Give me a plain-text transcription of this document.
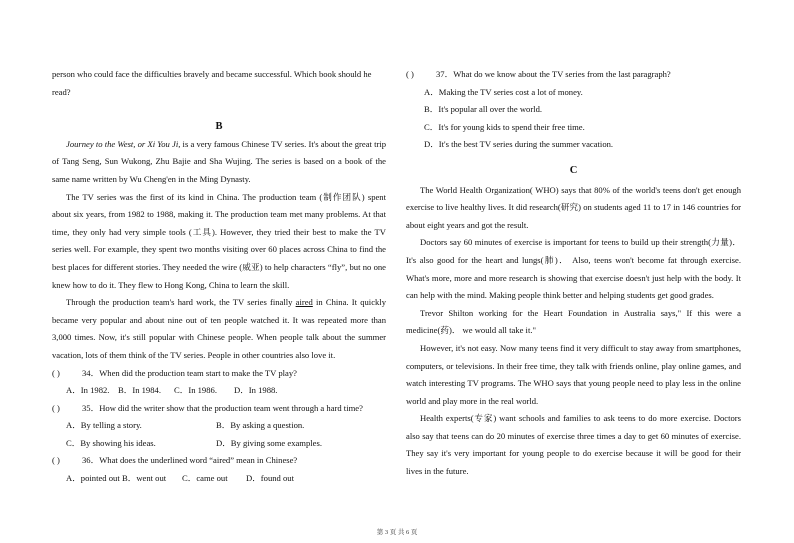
person who could face the difficulties bravely and became successful. Which book should he

read?

B

Journey to the West, or Xi You Ji, is a very famous Chinese TV series. It's about the great trip of Tang Seng, Sun Wukong, Zhu Bajie and Sha Wujing. The series is based on a book of the same name written by Wu Cheng'en in the Ming Dynasty.

The TV series was the first of its kind in China. The production team (制作团队) spent about six years, from 1982 to 1988, making it. The production team met many problems. At that time, they only had very simple tools (工具). However, they tried their best to make the TV series well. For example, they spent two months visiting over 60 places across China to find the best places for different stories. They needed the wire (威亚) to help characters “fly”, but no one knew how to do it. They flew to Hong Kong, China to learn the skill.

Through the production team's hard work, the TV series finally aired in China. It quickly became very popular and about nine out of ten people watched it. It was repeated more than 3,000 times. Now, it's still popular with Chinese people. When people talk about the summer vacation, lots of them think of the TV series. People in other countries also love it.

( )	34．When did the production team start to make the TV play?
A．In 1982. B．In 1984.	C．In 1986.	D．In 1988.
( )	35．How did the writer show that the production team went through a hard time?
A．By telling a story.	B．By asking a question.
C．By showing his ideas.	D．By giving some examples.
( )	36．What does the underlined word “aired” mean in Chinese?
A．pointed out B．went out	C．came out	D．found out
( )	37．What do we know about the TV series from the last paragraph?

A．Making the TV series cost a lot of money.

B．It's popular all over the world.

C．It's for young kids to spend their free time.

D．It's the best TV series during the summer vacation.

C

The World Health Organization( WHO) says that 80% of the world's teens don't get enough exercise to live healthy lives. It did research(研究) on students aged 11 to 17 in 146 countries for about eight years and got the result.

Doctors say 60 minutes of exercise is important for teens to build up their strength(力量)． It's also good for the heart and lungs(肺)． Also, teens won't become fat through exercise. What's more, more and more research is showing that exercise doesn't just help with the body. It can help with the mind. Making people think better and helping students get good grades.

Trevor Shilton working for the Heart Foundation in Australia says," If this were a medicine(药)． we would all take it."

However, it's not easy. Now many teens find it very difficult to stay away from smartphones, computers, or televisions. In their free time, they talk with friends online, play online games, and watch interesting TV programs. The WHO says that young people need to play less in the online world and play more in the real world.

Health experts(专家) want schools and families to ask teens to do more exercise. Doctors also say that teens can do 20 minutes of exercise three times a day to get 60 minutes of exercise. They say it's very important for young people to do exercise because it will be good for their lives in the future.

第 3 页 共 6 页
